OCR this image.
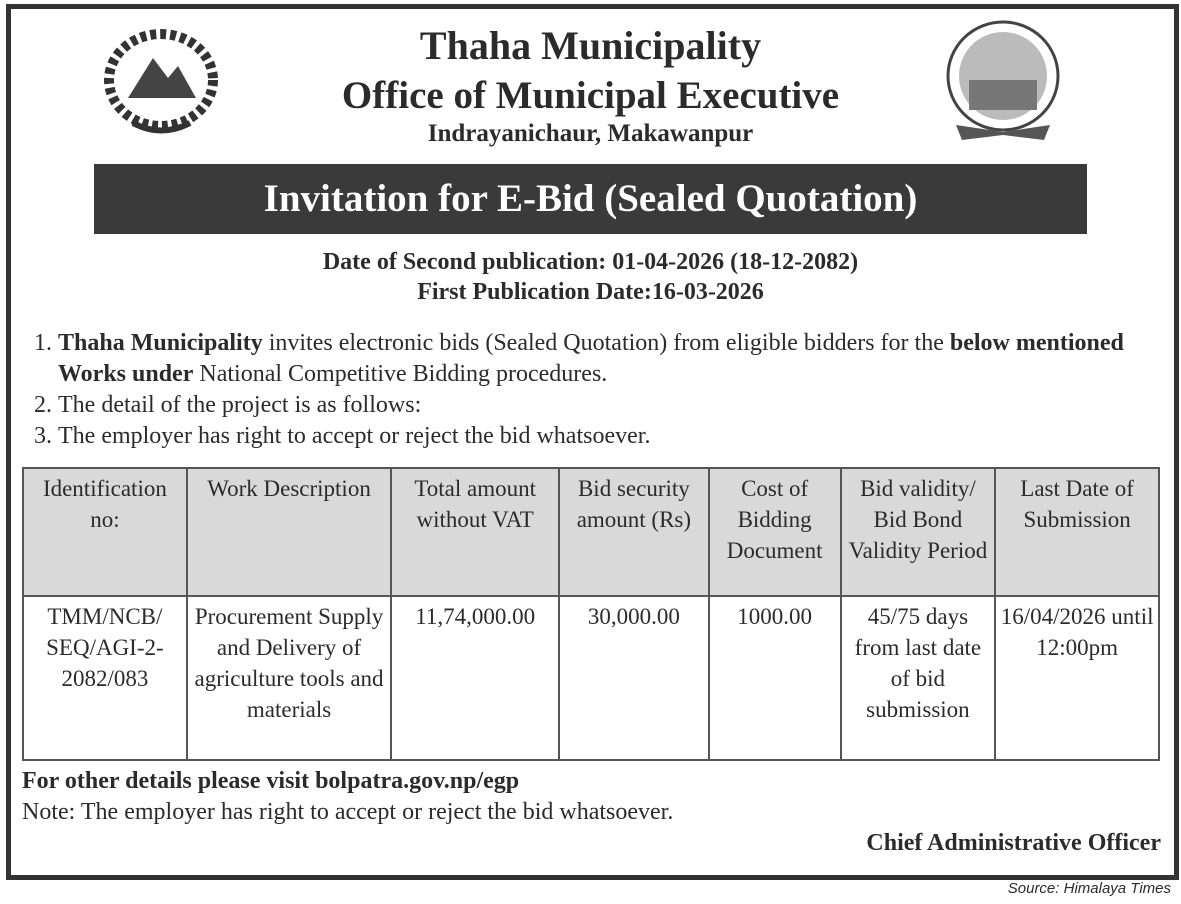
Thaha Municipality
Office of Municipal Executive
Indrayanichaur, Makawanpur
Invitation for E-Bid (Sealed Quotation)
Date of Second publication: 01-04-2026 (18-12-2082)
First Publication Date:16-03-2026
1. Thaha Municipality invites electronic bids (Sealed Quotation) from eligible bidders for the below mentioned Works under National Competitive Bidding procedures.
2. The detail of the project is as follows:
3. The employer has right to accept or reject the bid whatsoever.
Identification no:	Work Description	Total amount without VAT	Bid security amount (Rs)	Cost of Bidding Document	Bid validity/ Bid Bond Validity Period	Last Date of Submission
TMM/NCB/ SEQ/AGI-2- 2082/083	Procurement Supply and Delivery of agriculture tools and materials	11,74,000.00	30,000.00	1000.00	45/75 days from last date of bid submission	16/04/2026 until 12:00pm
For other details please visit bolpatra.gov.np/egp
Note: The employer has right to accept or reject the bid whatsoever.
Chief Administrative Officer
Source: Himalaya Times
